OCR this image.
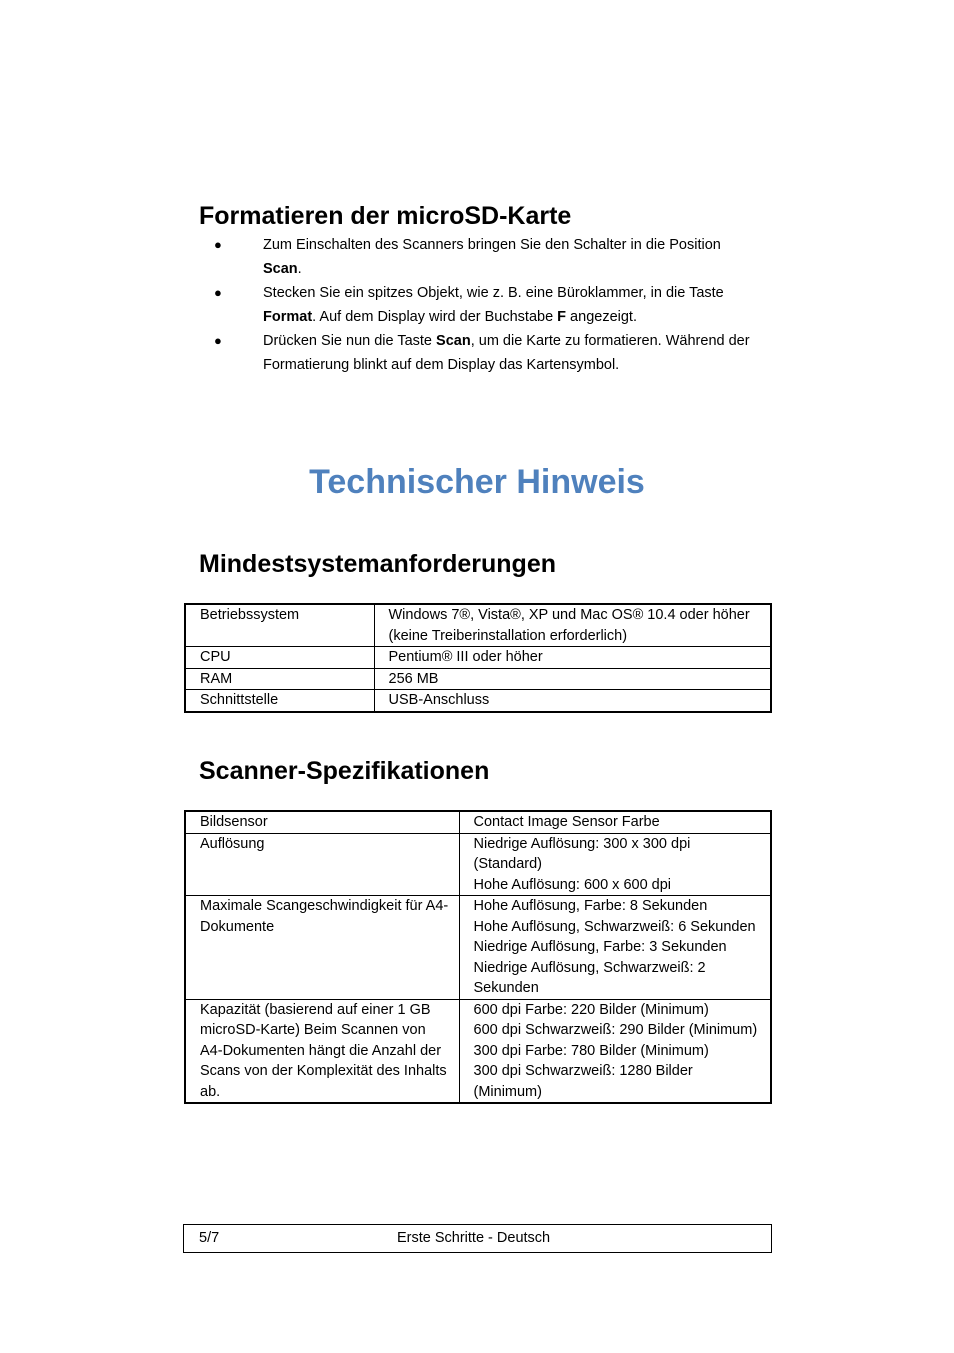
Formatieren der microSD-Karte
●	Zum Einschalten des Scanners bringen Sie den Schalter in die Position Scan.
●	Stecken Sie ein spitzes Objekt, wie z. B. eine Büroklammer, in die Taste Format. Auf dem Display wird der Buchstabe F angezeigt.
●	Drücken Sie nun die Taste Scan, um die Karte zu formatieren. Während der Formatierung blinkt auf dem Display das Kartensymbol.
Technischer Hinweis
Mindestsystemanforderungen
Betriebssystem	Windows 7®, Vista®, XP und Mac OS® 10.4 oder höher (keine Treiberinstallation erforderlich)

CPU	Pentium® III oder höher

RAM	256 MB

Schnittstelle	USB-Anschluss
Scanner-Spezifikationen
Bildsensor	Contact Image Sensor Farbe

Auflösung	Niedrige Auflösung: 300 x 300 dpi (Standard)
Hohe Auflösung: 600 x 600 dpi

Maximale Scangeschwindigkeit für A4-Dokumente	Hohe Auflösung, Farbe: 8 Sekunden
Hohe Auflösung, Schwarzweiß: 6 Sekunden
Niedrige Auflösung, Farbe: 3 Sekunden
Niedrige Auflösung, Schwarzweiß: 2 Sekunden

Kapazität (basierend auf einer 1 GB microSD-Karte) Beim Scannen von A4-Dokumenten hängt die Anzahl der Scans von der Komplexität des Inhalts ab.	600 dpi Farbe: 220 Bilder (Minimum)
600 dpi Schwarzweiß: 290 Bilder (Minimum)
300 dpi Farbe: 780 Bilder (Minimum)
300 dpi Schwarzweiß: 1280 Bilder (Minimum)
5/7	Erste Schritte - Deutsch
